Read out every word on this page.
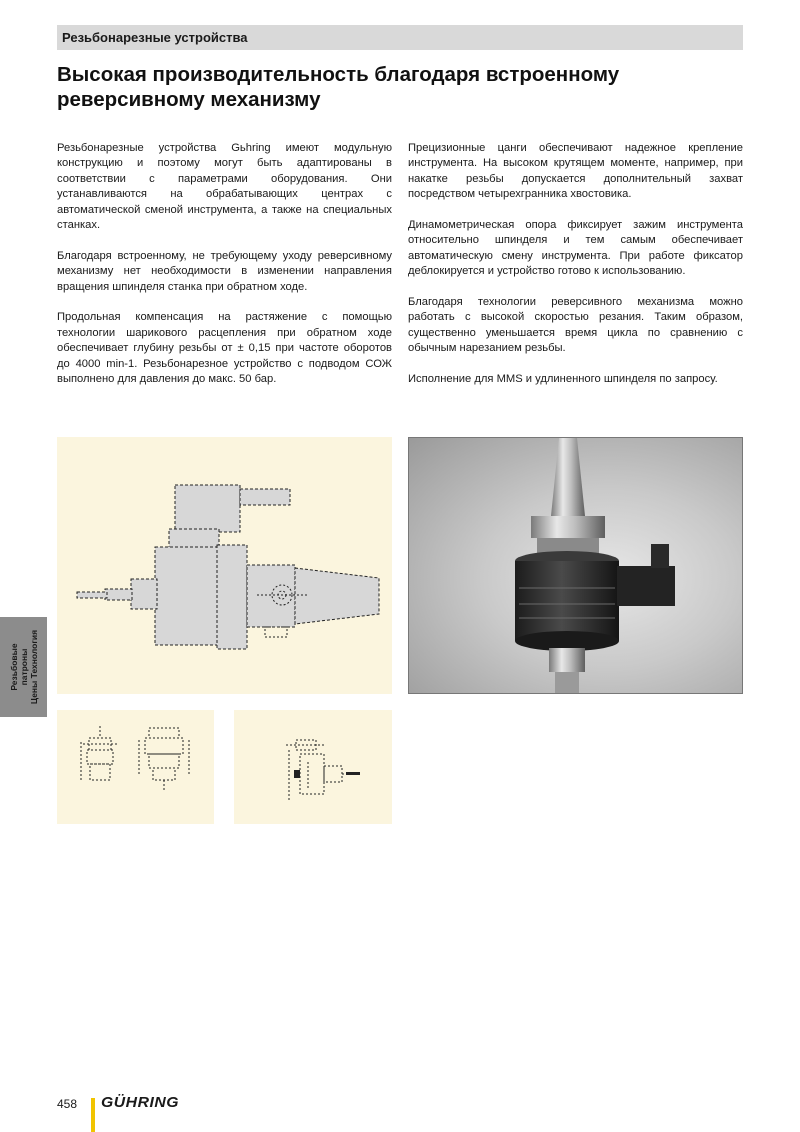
Резьбонарезные устройства
Высокая производительность благодаря встроенному реверсивному механизму

Резьбонарезные устройства Gьhring имеют модульную конструкцию и поэтому могут быть адаптированы в соответствии с параметрами оборудования. Они устанавливаются на обрабатывающих центрах с автоматической сменой инструмента, а также на специальных станках.

Благодаря встроенному, не требующему уходу реверсивному механизму нет необходимости в изменении направления вращения шпинделя станка при обратном ходе.

Продольная компенсация на растяжение с помощью технологии шарикового расцепления при обратном ходе обеспечивает глубину резьбы от ± 0,15 при частоте оборотов до 4000 min-1. Резьбонарезное устройство с подводом СОЖ выполнено для давления до макс. 50 бар.

Прецизионные цанги обеспечивают надежное крепление инструмента. На высоком крутящем моменте, например, при накатке резьбы допускается дополнительный захват посредством четырехгранника хвостовика.

Динамометрическая опора фиксирует зажим инструмента относительно шпинделя и тем самым обеспечивает автоматическую смену инструмента. При работе фиксатор деблокируется и устройство готово к использованию.

Благодаря технологии реверсивного механизма можно работать с высокой скоростью резания. Таким образом, существенно уменьшается время цикла по сравнению с обычным нарезанием резьбы.

Исполнение для MMS и удлиненного шпинделя по запросу.

Резьбовые патроны Цены Технология
458 GÜHRING
